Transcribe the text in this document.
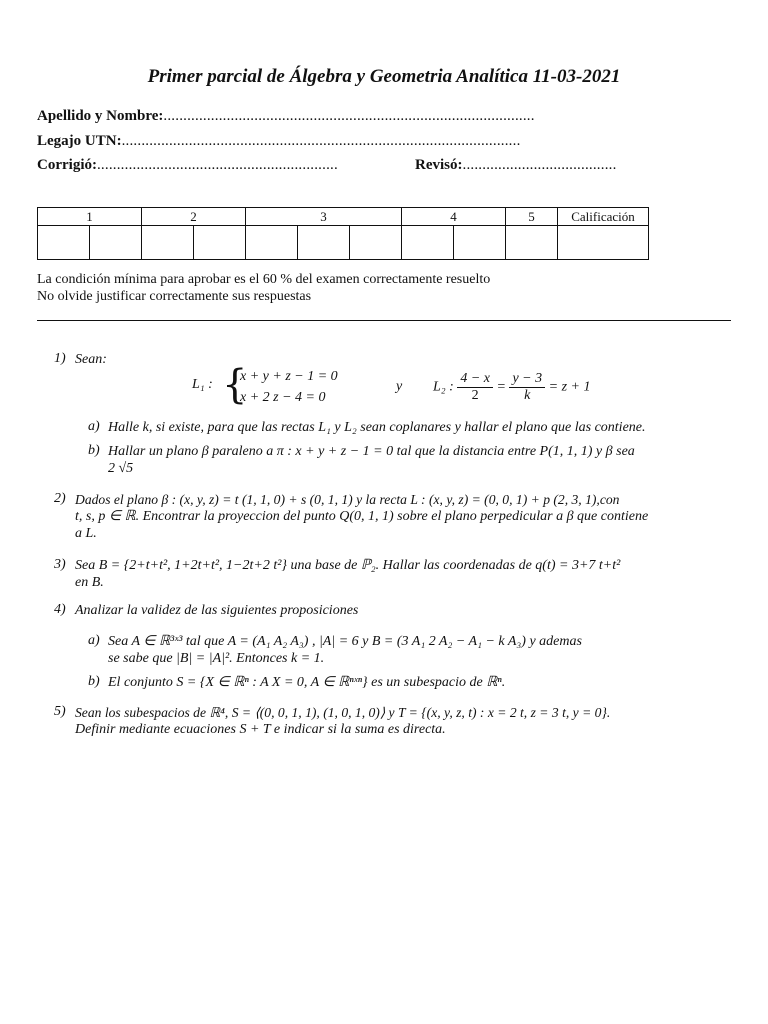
Primer parcial de Álgebra y Geometria Analítica 11-03-2021
Apellido y Nombre:..............................................................................................
Legajo UTN:.....................................................................................................
Corrigió:.............................................................	Revisó:.......................................
1		2		3			4		5	Calificación

La condición mínima para aprobar es el 60 % del examen correctamente resuelto
No olvide justificar correctamente sus respuestas
1) Sean:
L₁ : {
x + y + z − 1 = 0
x + 2 z − 4 = 0
y L₂ : $\frac{4 - x}{2} = \frac{y - 3}{k} = z + 1$
a) Halle k, si existe, para que las rectas L₁ y L₂ sean coplanares y hallar el plano que las contiene.
b) Hallar un plano β paraleno a π : x + y + z − 1 = 0 tal que la distancia entre P(1, 1, 1) y β sea
2 √5
2) Dados el plano β : (x, y, z) = t (1, 1, 0) + s (0, 1, 1) y la recta L : (x, y, z) = (0, 0, 1) + p (2, 3, 1),con
t, s, p ∈ ℝ. Encontrar la proyeccion del punto Q(0, 1, 1) sobre el plano perpedicular a β que contiene
a L.
3) Sea B = {2+t+t², 1+2t+t², 1−2t+2 t²} una base de ℙ₂. Hallar las coordenadas de q(t) = 3+7 t+t²
en B.
4) Analizar la validez de las siguientes proposiciones
a) Sea A ∈ ℝ³ˣ³ tal que A = (A₁ A₂ A₃) , |A| = 6 y B = (3 A₁ 2 A₂ − A₁ − k A₃) y ademas
se sabe que |B| = |A|². Entonces k = 1.
b) El conjunto S = {X ∈ ℝⁿ : A X = 0, A ∈ ℝⁿˣⁿ} es un subespacio de ℝⁿ.
5) Sean los subespacios de ℝ⁴, S = ⟨(0, 0, 1, 1), (1, 0, 1, 0)⟩ y T = {(x, y, z, t) : x = 2 t, z = 3 t, y = 0}.
Definir mediante ecuaciones S + T e indicar si la suma es directa.
